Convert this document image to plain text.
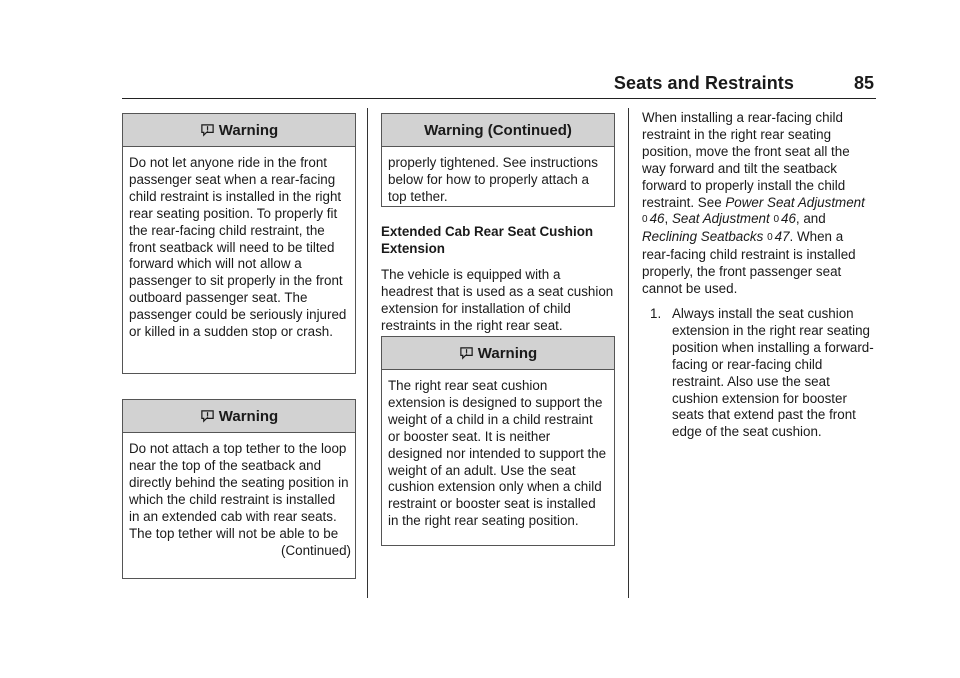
Seats and Restraints	85
Warning
Do not let anyone ride in the front passenger seat when a rear-facing child restraint is installed in the right rear seating position. To properly fit the rear-facing child restraint, the front seatback will need to be tilted forward which will not allow a passenger to sit properly in the front outboard passenger seat. The passenger could be seriously injured or killed in a sudden stop or crash.
Warning
Do not attach a top tether to the loop near the top of the seatback and directly behind the seating position in which the child restraint is installed in an extended cab with rear seats. The top tether will not be able to be
(Continued)
Warning (Continued)
properly tightened. See instructions below for how to properly attach a top tether.
Extended Cab Rear Seat Cushion Extension
The vehicle is equipped with a headrest that is used as a seat cushion extension for installation of child restraints in the right rear seat.
Warning
The right rear seat cushion extension is designed to support the weight of a child in a child restraint or booster seat. It is neither designed nor intended to support the weight of an adult. Use the seat cushion extension only when a child restraint or booster seat is installed in the right rear seating position.
When installing a rear-facing child restraint in the right rear seating position, move the front seat all the way forward and tilt the seatback forward to properly install the child restraint. See Power Seat Adjustment 0 46, Seat Adjustment 0 46, and Reclining Seatbacks 0 47. When a rear-facing child restraint is installed properly, the front passenger seat cannot be used.
1. Always install the seat cushion extension in the right rear seating position when installing a forward-facing or rear-facing child restraint. Also use the seat cushion extension for booster seats that extend past the front edge of the seat cushion.
